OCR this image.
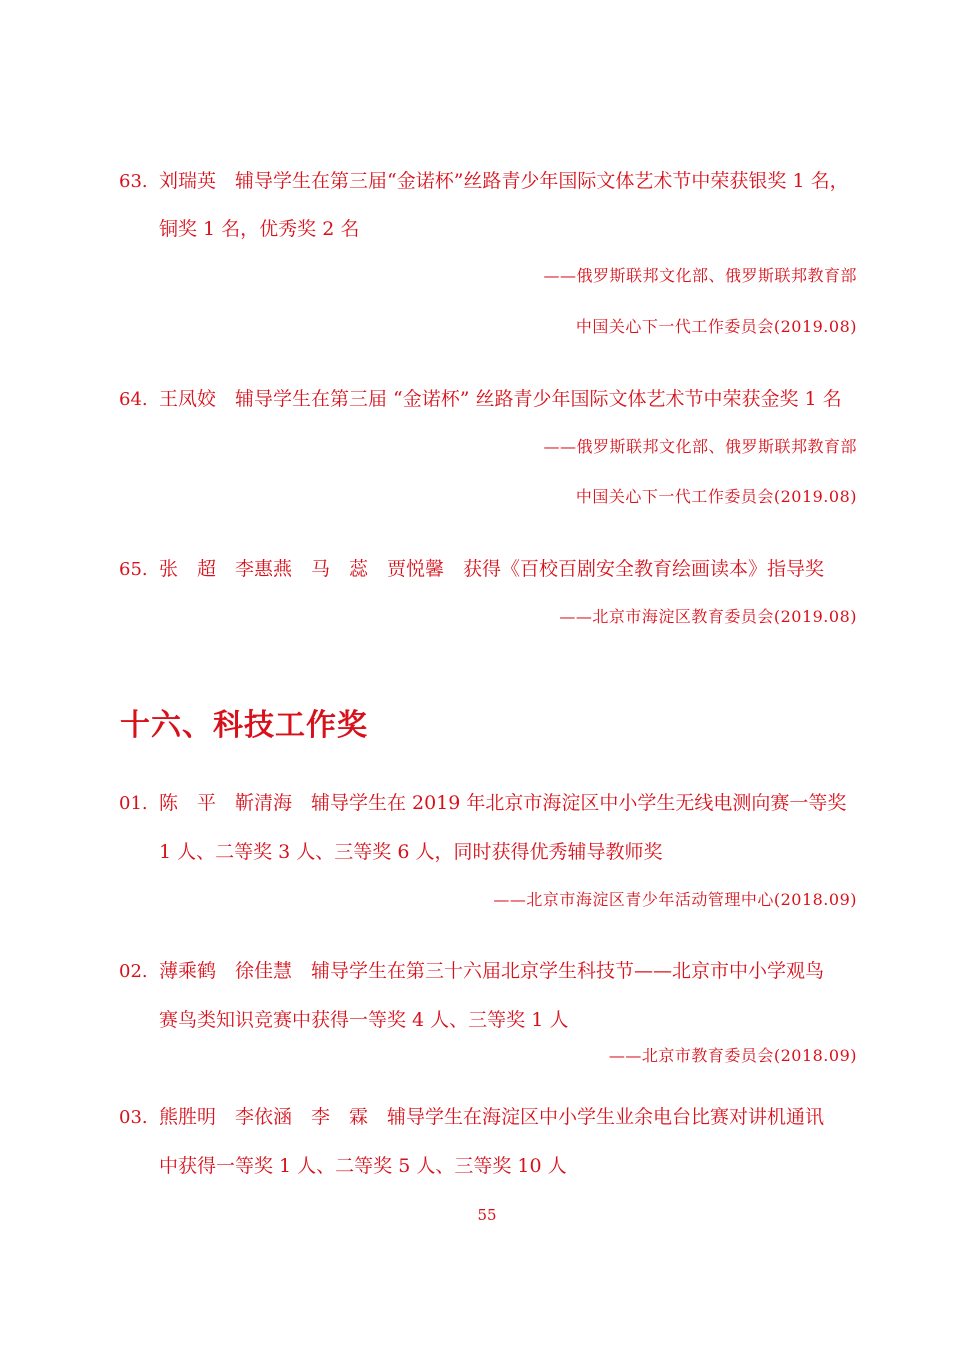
63. 刘瑞英　辅导学生在第三届“金诺杯”丝路青少年国际文体艺术节中荣获银奖 1 名，
铜奖 1 名，优秀奖 2 名
——俄罗斯联邦文化部、俄罗斯联邦教育部
中国关心下一代工作委员会(2019.08)
64. 王凤姣　辅导学生在第三届 “金诺杯” 丝路青少年国际文体艺术节中荣获金奖 1 名
——俄罗斯联邦文化部、俄罗斯联邦教育部
中国关心下一代工作委员会(2019.08)
65. 张　超　李惠燕　马　蕊　贾悦馨　获得《百校百剧安全教育绘画读本》指导奖
——北京市海淀区教育委员会(2019.08)
十六、科技工作奖
01. 陈　平　靳清海　辅导学生在 2019 年北京市海淀区中小学生无线电测向赛一等奖
1 人、二等奖 3 人、三等奖 6 人，同时获得优秀辅导教师奖
——北京市海淀区青少年活动管理中心(2018.09)
02. 薄乘鹤　徐佳慧　辅导学生在第三十六届北京学生科技节——北京市中小学观鸟
赛鸟类知识竞赛中获得一等奖 4 人、三等奖 1 人
——北京市教育委员会(2018.09)
03. 熊胜明　李依涵　李　霖　辅导学生在海淀区中小学生业余电台比赛对讲机通讯
中获得一等奖 1 人、二等奖 5 人、三等奖 10 人
55
